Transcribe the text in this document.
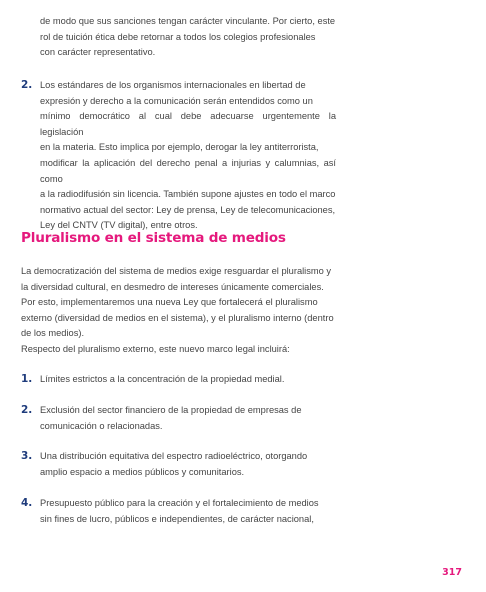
de modo que sus sanciones tengan carácter vinculante. Por cierto, este

rol de tuición ética debe retornar a todos los colegios profesionales

con carácter representativo.

2. Los estándares de los organismos internacionales en libertad de

expresión y derecho a la comunicación serán entendidos como un

mínimo democrático al cual debe adecuarse urgentemente la legislación

en la materia. Esto implica por ejemplo, derogar la ley antiterrorista,

modificar la aplicación del derecho penal a injurias y calumnias, así como

a la radiodifusión sin licencia. También supone ajustes en todo el marco

normativo actual del sector: Ley de prensa, Ley de telecomunicaciones,

Ley del CNTV (TV digital), entre otros.

Pluralismo en el sistema de medios

La democratización del sistema de medios exige resguardar el pluralismo y

la diversidad cultural, en desmedro de intereses únicamente comerciales.

Por esto, implementaremos una nueva Ley que fortalecerá el pluralismo

externo (diversidad de medios en el sistema), y el pluralismo interno (dentro

de los medios).

Respecto del pluralismo externo, este nuevo marco legal incluirá:

1. Límites estrictos a la concentración de la propiedad medial.

2. Exclusión del sector financiero de la propiedad de empresas de

comunicación o relacionadas.

3. Una distribución equitativa del espectro radioeléctrico, otorgando

amplio espacio a medios públicos y comunitarios.

4. Presupuesto público para la creación y el fortalecimiento de medios

sin fines de lucro, públicos e independientes, de carácter nacional,

317
